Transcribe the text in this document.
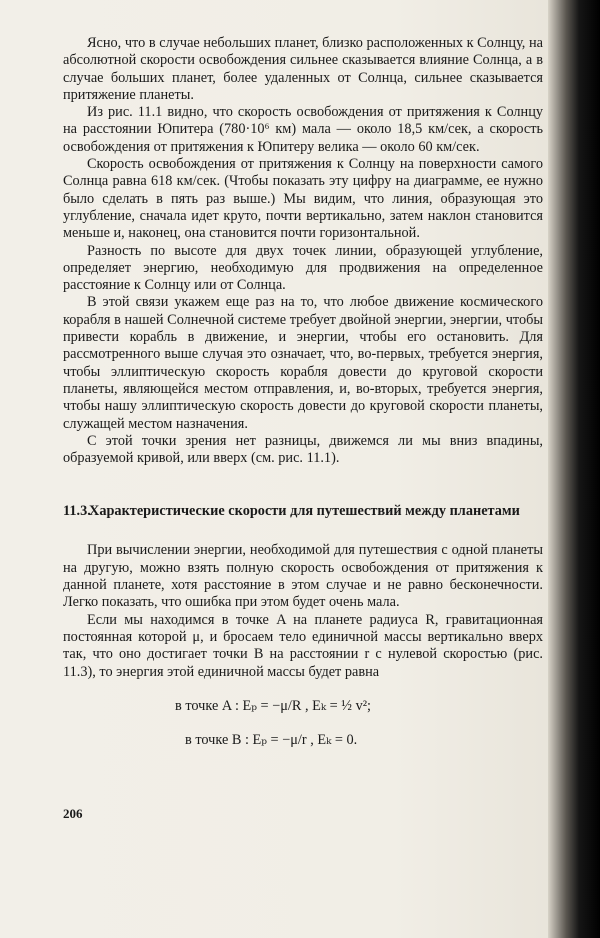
Ясно, что в случае небольших планет, близко расположенных к Солнцу, на абсолютной скорости освобождения сильнее сказывается влияние Солнца, а в случае больших планет, более удаленных от Солнца, сильнее сказывается притяжение планеты.

Из рис. 11.1 видно, что скорость освобождения от притяжения к Солнцу на расстоянии Юпитера (780·10⁶ км) мала — около 18,5 км/сек, а скорость освобождения от притяжения к Юпитеру велика — около 60 км/сек.

Скорость освобождения от притяжения к Солнцу на поверхности самого Солнца равна 618 км/сек. (Чтобы показать эту цифру на диаграмме, ее нужно было сделать в пять раз выше.) Мы видим, что линия, образующая это углубление, сначала идет круто, почти вертикально, затем наклон становится меньше и, наконец, она становится почти горизонтальной.

Разность по высоте для двух точек линии, образующей углубление, определяет энергию, необходимую для продвижения на определенное расстояние к Солнцу или от Солнца.

В этой связи укажем еще раз на то, что любое движение космического корабля в нашей Солнечной системе требует двойной энергии, энергии, чтобы привести корабль в движение, и энергии, чтобы его остановить. Для рассмотренного выше случая это означает, что, во-первых, требуется энергия, чтобы эллиптическую скорость корабля довести до круговой скорости планеты, являющейся местом отправления, и, во-вторых, требуется энергия, чтобы нашу эллиптическую скорость довести до круговой скорости планеты, служащей местом назначения.

С этой точки зрения нет разницы, движемся ли мы вниз впадины, образуемой кривой, или вверх (см. рис. 11.1).

11.3.Характеристические скорости для путешествий между планетами

При вычислении энергии, необходимой для путешествия с одной планеты на другую, можно взять полную скорость освобождения от притяжения к данной планете, хотя расстояние в этом случае и не равно бесконечности. Легко показать, что ошибка при этом будет очень мала.

Если мы находимся в точке A на планете радиуса R, гравитационная постоянная которой μ, и бросаем тело единичной массы вертикально вверх так, что оно достигает точки B на расстоянии r с нулевой скоростью (рис. 11.3), то энергия этой единичной массы будет равна

в точке A : Eₚ = −μ/R , Eₖ = ½ v²;
в точке B : Eₚ = −μ/r , Eₖ = 0.
206
